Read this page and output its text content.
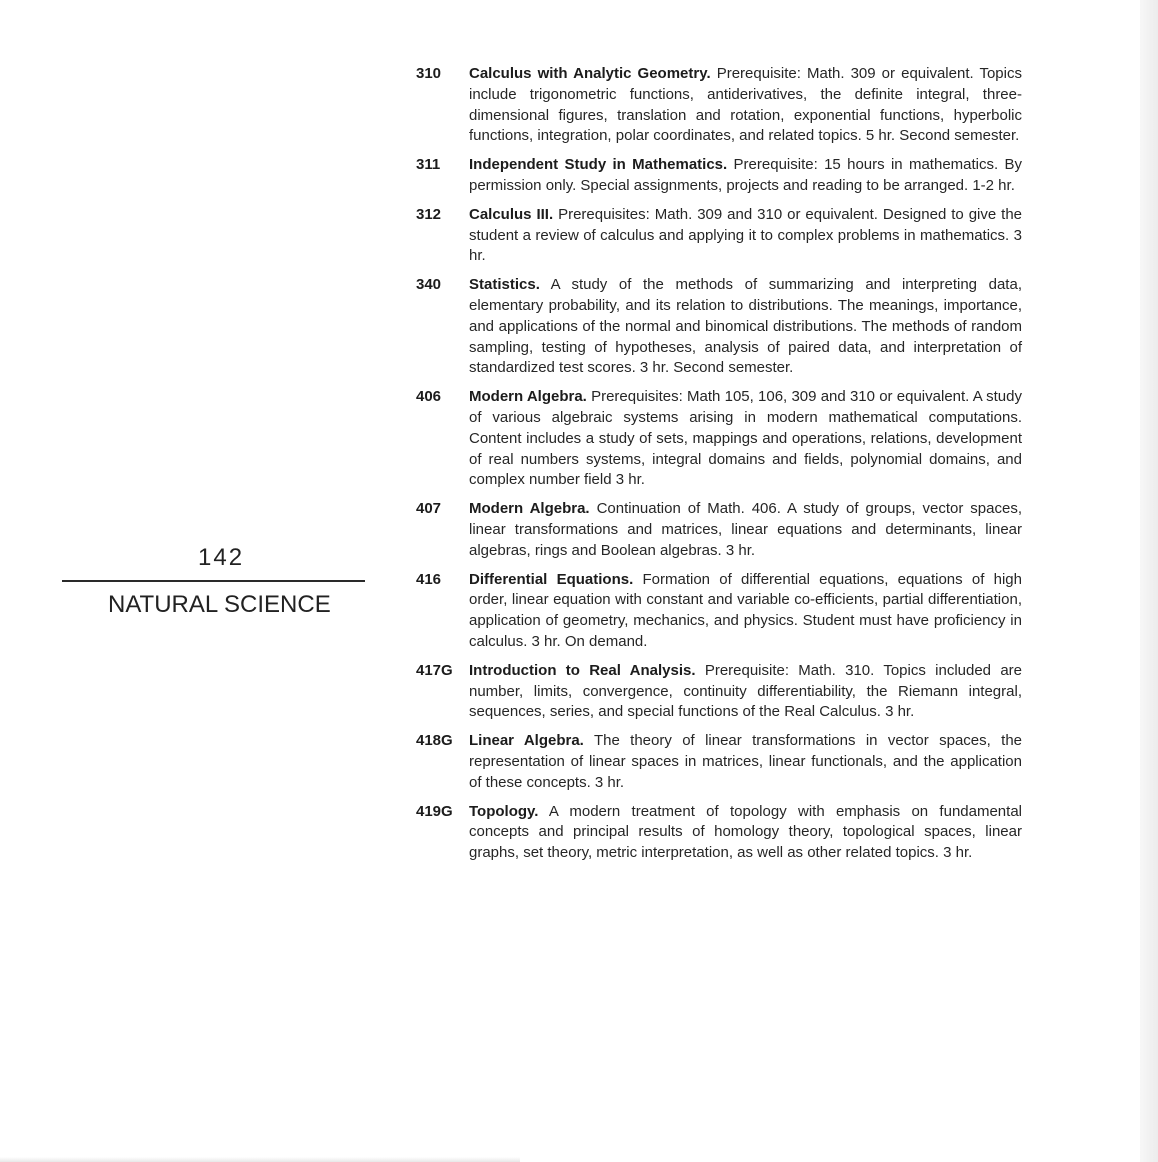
142
NATURAL SCIENCE
310 Calculus with Analytic Geometry. Prerequisite: Math. 309 or equivalent. Topics include trigonometric functions, antiderivatives, the definite integral, three-dimensional figures, translation and rotation, exponential functions, hyperbolic functions, integration, polar coordinates, and related topics. 5 hr. Second semester.
311 Independent Study in Mathematics. Prerequisite: 15 hours in mathematics. By permission only. Special assignments, projects and reading to be arranged. 1-2 hr.
312 Calculus III. Prerequisites: Math. 309 and 310 or equivalent. Designed to give the student a review of calculus and applying it to complex problems in mathematics. 3 hr.
340 Statistics. A study of the methods of summarizing and interpreting data, elementary probability, and its relation to distributions. The meanings, importance, and applications of the normal and binomical distributions. The methods of random sampling, testing of hypotheses, analysis of paired data, and interpretation of standardized test scores. 3 hr. Second semester.
406 Modern Algebra. Prerequisites: Math 105, 106, 309 and 310 or equivalent. A study of various algebraic systems arising in modern mathematical computations. Content includes a study of sets, mappings and operations, relations, development of real numbers systems, integral domains and fields, polynomial domains, and complex number field 3 hr.
407 Modern Algebra. Continuation of Math. 406. A study of groups, vector spaces, linear transformations and matrices, linear equations and determinants, linear algebras, rings and Boolean algebras. 3 hr.
416 Differential Equations. Formation of differential equations, equations of high order, linear equation with constant and variable co-efficients, partial differentiation, application of geometry, mechanics, and physics. Student must have proficiency in calculus. 3 hr. On demand.
417G Introduction to Real Analysis. Prerequisite: Math. 310. Topics included are number, limits, convergence, continuity differentiability, the Riemann integral, sequences, series, and special functions of the Real Calculus. 3 hr.
418G Linear Algebra. The theory of linear transformations in vector spaces, the representation of linear spaces in matrices, linear functionals, and the application of these concepts. 3 hr.
419G Topology. A modern treatment of topology with emphasis on fundamental concepts and principal results of homology theory, topological spaces, linear graphs, set theory, metric interpretation, as well as other related topics. 3 hr.
